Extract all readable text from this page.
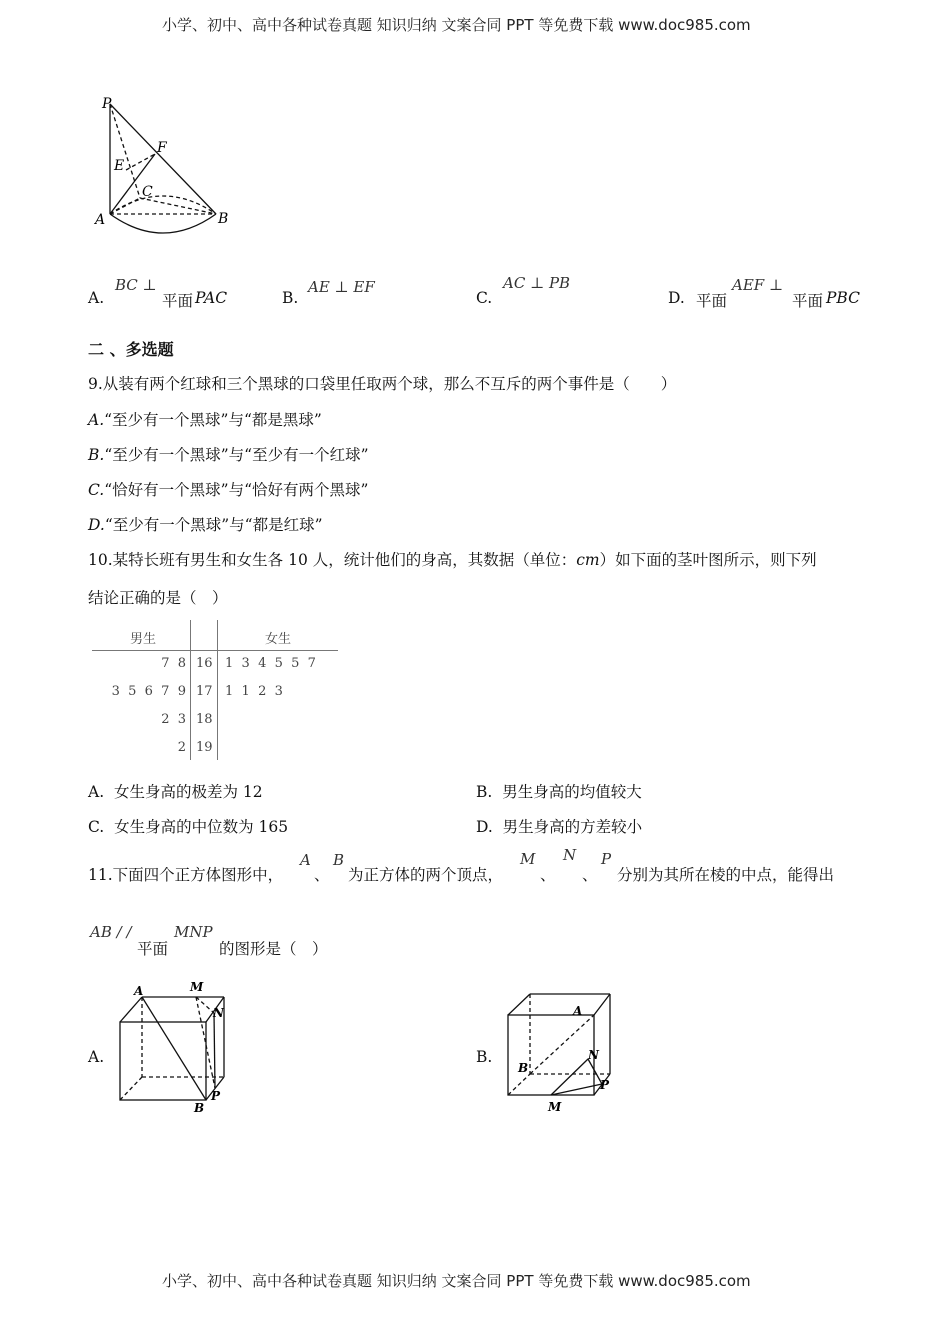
小学、初中、高中各种试卷真题 知识归纳 文案合同 PPT 等免费下载 www.doc985.com
P
E
F
C
A	B
A.
BC ⊥
平面 PAC	B.
AE ⊥ EF
C.
AC ⊥ PB
D. 平面
AEF ⊥
平面 PBC
二 、多选题
9.从装有两个红球和三个黑球的口袋里任取两个球，那么不互斥的两个事件是（　　）
A.“至少有一个黑球”与“都是黑球”
B.“至少有一个黑球”与“至少有一个红球”
C.“恰好有一个黑球”与“恰好有两个黑球”
D.“至少有一个黑球”与“都是红球”
10.某特长班有男生和女生各 10 人，统计他们的身高，其数据（单位：cm）如下面的茎叶图所示，则下列
结论正确的是（　）
男生	女生
7  8 16 1  3  4  5  5  7
3  5  6  7  9 17 1  1  2  3
2  3 18
2 19
A. 女生身高的极差为 12	B. 男生身高的均值较大
C. 女生身高的中位数为 165	D. 男生身高的方差较小
11.下面四个正方体图形中，
A
、
B
为正方体的两个顶点，
M
、
N
、
P
分别为其所在棱的中点，能得出
AB / /
平面
MNP
的图形是（　）
A.
A	M
N
B
P
B.
A
N
B
P
M
小学、初中、高中各种试卷真题 知识归纳 文案合同 PPT 等免费下载 www.doc985.com
